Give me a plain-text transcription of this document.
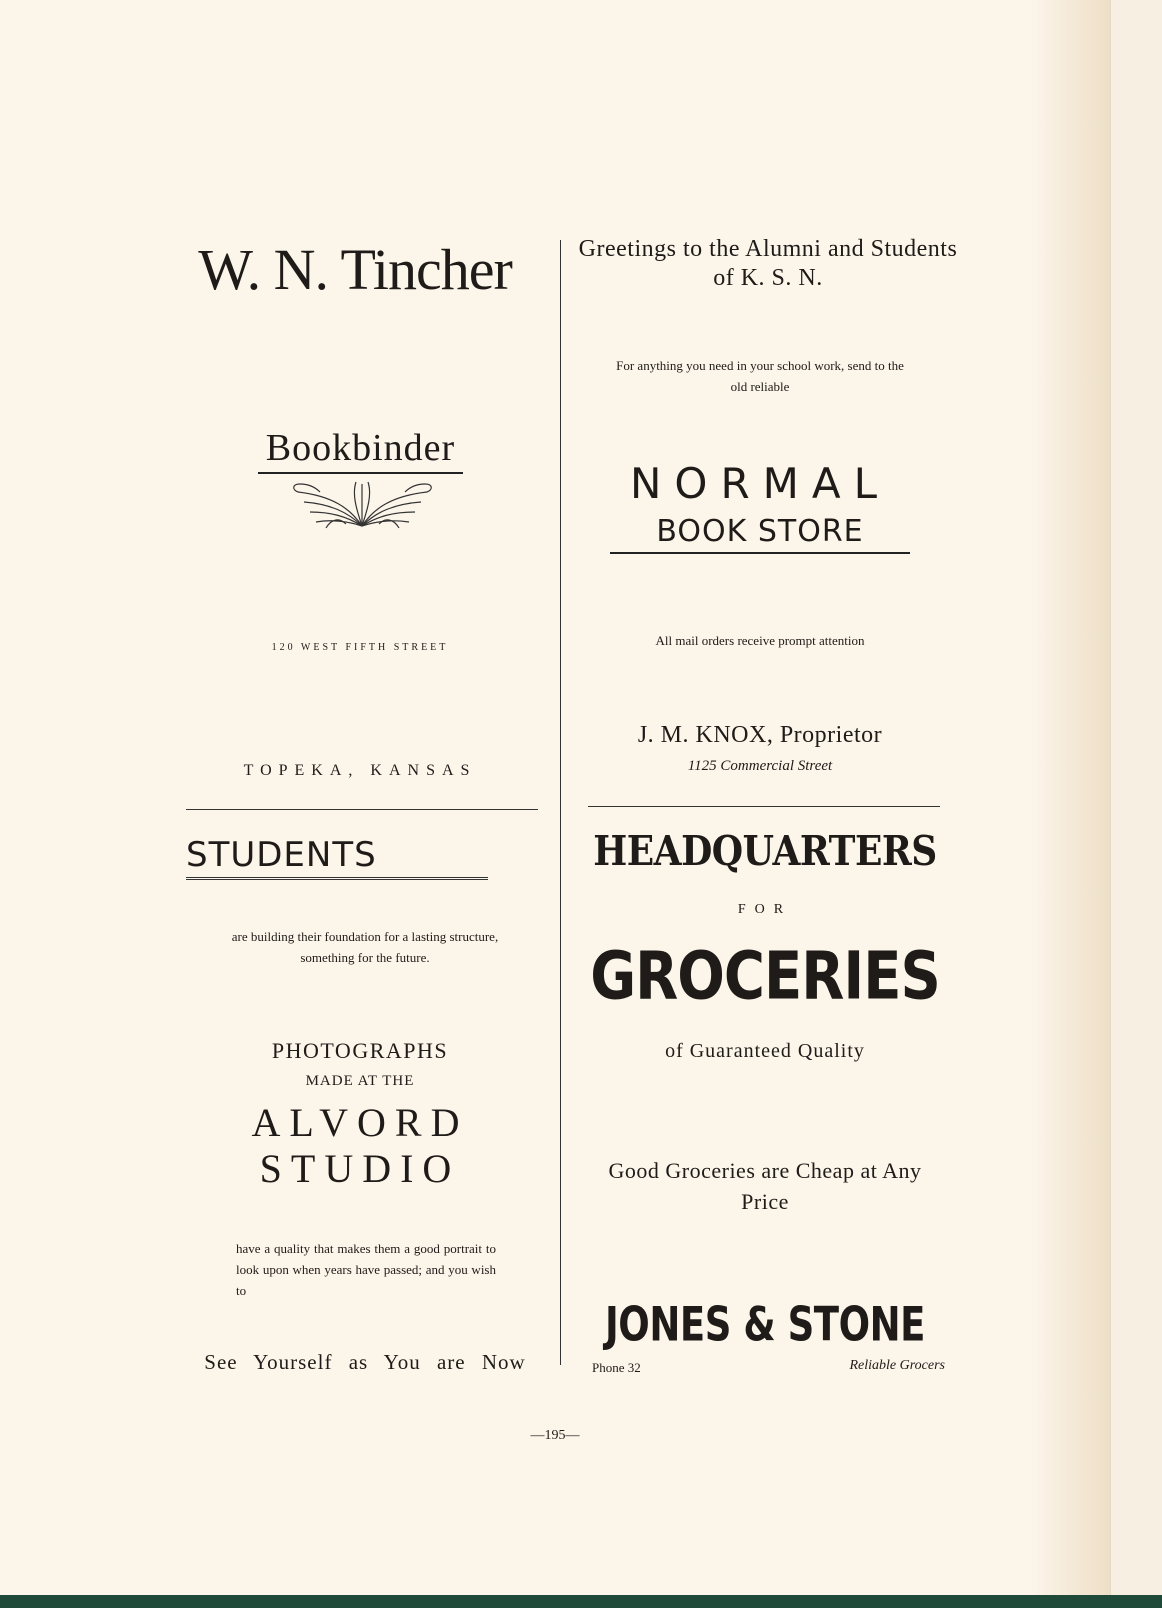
W. N. Tincher

Bookbinder

120 WEST FIFTH STREET

TOPEKA, KANSAS

STUDENTS

are building their foundation for a lasting structure, something for the future.

PHOTOGRAPHS

MADE AT THE

ALVORD

STUDIO

have a quality that makes them a good portrait to look upon when years have passed; and you wish to

See Yourself as You are Now

Greetings to the Alumni and Students of K. S. N.

For anything you need in your school work, send to the old reliable

NORMAL

BOOK STORE

All mail orders receive prompt attention

J. M. KNOX, Proprietor

1125 Commercial Street

HEADQUARTERS

FOR

GROCERIES

of Guaranteed Quality

Good Groceries are Cheap at Any Price

JONES & STONE

Phone 32	Reliable Grocers

—195—
